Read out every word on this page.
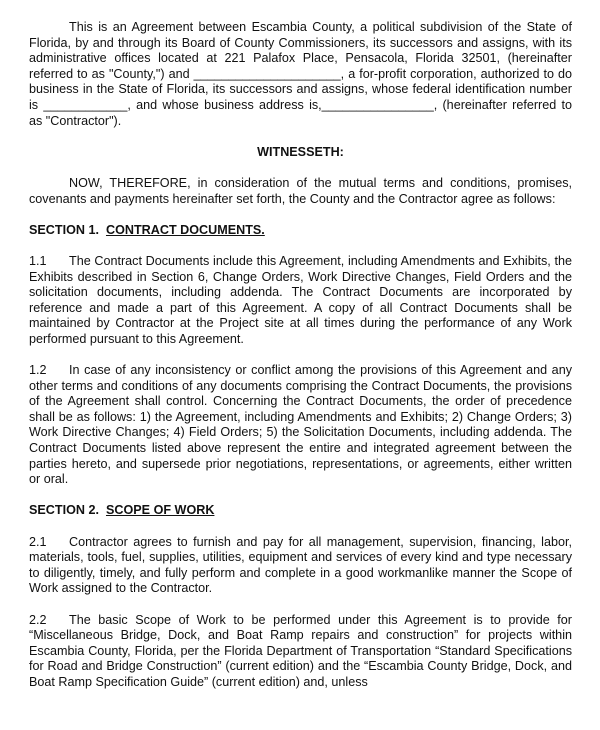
This is an Agreement between Escambia County, a political subdivision of the State of Florida, by and through its Board of County Commissioners, its successors and assigns, with its administrative offices located at 221 Palafox Place, Pensacola, Florida 32501, (hereinafter referred to as "County,") and _____________________, a for-profit corporation, authorized to do business in the State of Florida, its successors and assigns, whose federal identification number is ____________, and whose business address is,________________, (hereinafter referred to as "Contractor").

WITNESSETH:

NOW, THEREFORE, in consideration of the mutual terms and conditions, promises, covenants and payments hereinafter set forth, the County and the Contractor agree as follows:

SECTION 1. CONTRACT DOCUMENTS.

1.1 The Contract Documents include this Agreement, including Amendments and Exhibits, the Exhibits described in Section 6, Change Orders, Work Directive Changes, Field Orders and the solicitation documents, including addenda. The Contract Documents are incorporated by reference and made a part of this Agreement. A copy of all Contract Documents shall be maintained by Contractor at the Project site at all times during the performance of any Work performed pursuant to this Agreement.

1.2 In case of any inconsistency or conflict among the provisions of this Agreement and any other terms and conditions of any documents comprising the Contract Documents, the provisions of the Agreement shall control. Concerning the Contract Documents, the order of precedence shall be as follows: 1) the Agreement, including Amendments and Exhibits; 2) Change Orders; 3) Work Directive Changes; 4) Field Orders; 5) the Solicitation Documents, including addenda. The Contract Documents listed above represent the entire and integrated agreement between the parties hereto, and supersede prior negotiations, representations, or agreements, either written or oral.

SECTION 2. SCOPE OF WORK

2.1 Contractor agrees to furnish and pay for all management, supervision, financing, labor, materials, tools, fuel, supplies, utilities, equipment and services of every kind and type necessary to diligently, timely, and fully perform and complete in a good workmanlike manner the Scope of Work assigned to the Contractor.

2.2 The basic Scope of Work to be performed under this Agreement is to provide for “Miscellaneous Bridge, Dock, and Boat Ramp repairs and construction” for projects within Escambia County, Florida, per the Florida Department of Transportation “Standard Specifications for Road and Bridge Construction” (current edition) and the “Escambia County Bridge, Dock, and Boat Ramp Specification Guide” (current edition) and, unless
